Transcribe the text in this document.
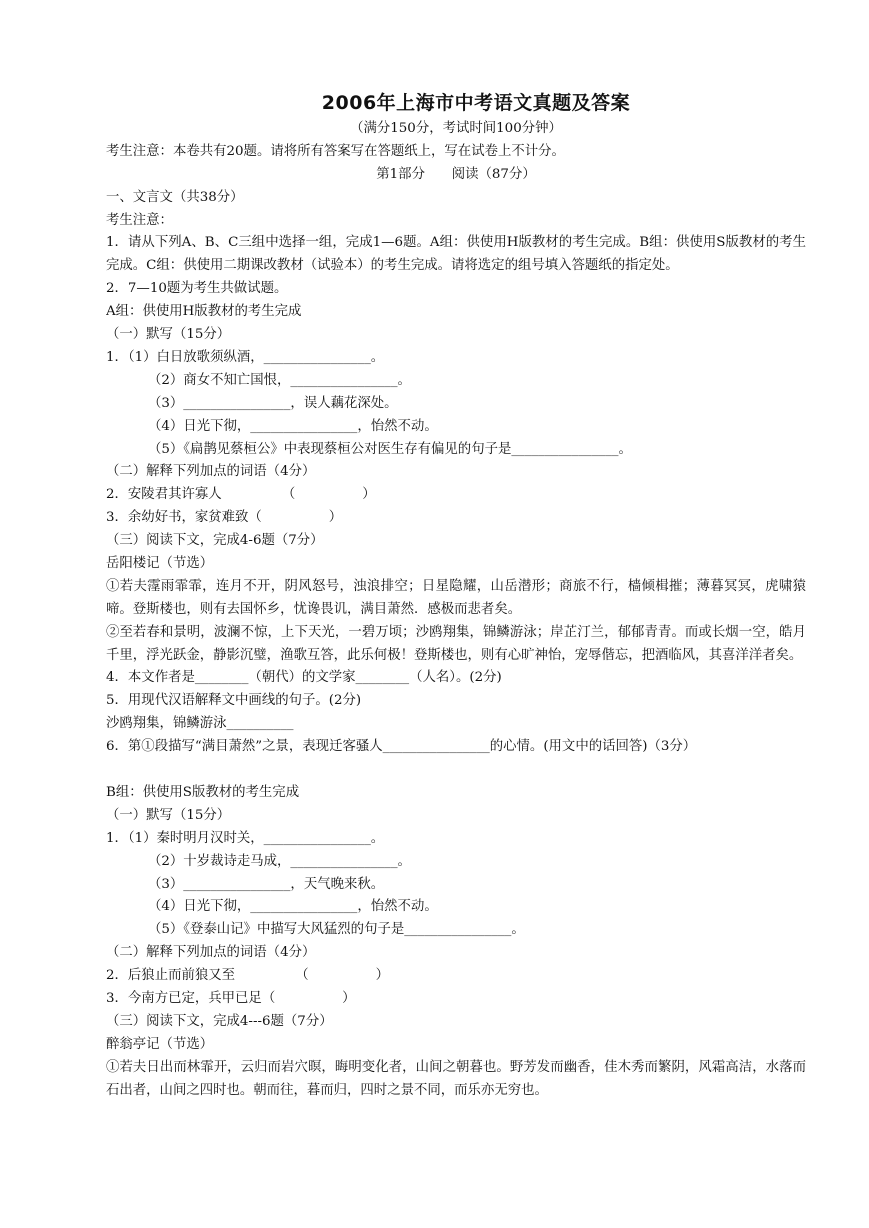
2006年上海市中考语文真题及答案
（满分150分，考试时间100分钟）
考生注意：本卷共有20题。请将所有答案写在答题纸上，写在试卷上不计分。
第1部分　　阅读（87分）
一、文言文（共38分）
考生注意：
1．请从下列A、B、C三组中选择一组，完成1—6题。A组：供使用H版教材的考生完成。B组：供使用S版教材的考生完成。C组：供使用二期课改教材（试验本）的考生完成。请将选定的组号填入答题纸的指定处。
2．7—10题为考生共做试题。
A组：供使用H版教材的考生完成
（一）默写（15分）
1．（1）白日放歌须纵酒，________________。
（2）商女不知亡国恨，________________。
（3）________________，误人藕花深处。
（4）日光下彻，________________，怡然不动。
（5）《扁鹊见蔡桓公》中表现蔡桓公对医生存有偏见的句子是________________。
（二）解释下列加点的词语（4分）
2．安陵君其许寡人　　　　　（　　　　　）
3．余幼好书，家贫难致（　　　　　）
（三）阅读下文，完成4-6题（7分）
岳阳楼记（节选）
①若夫霪雨霏霏，连月不开，阴风怒号，浊浪排空；日星隐耀，山岳潜形；商旅不行，樯倾楫摧；薄暮冥冥，虎啸猿啼。登斯楼也，则有去国怀乡，忧谗畏讥，满目萧然．感极而悲者矣。
②至若春和景明，波澜不惊，上下天光，一碧万顷；沙鸥翔集，锦鳞游泳；岸芷汀兰，郁郁青青。而或长烟一空，皓月千里，浮光跃金，静影沉璧，渔歌互答，此乐何极！登斯楼也，则有心旷神怡，宠辱偕忘，把酒临风，其喜洋洋者矣。
4．本文作者是________（朝代）的文学家________（人名）。(2分)
5．用现代汉语解释文中画线的句子。(2分)
沙鸥翔集，锦鳞游泳__________
6．第①段描写“满目萧然”之景，表现迁客骚人________________的心情。(用文中的话回答)（3分）
B组：供使用S版教材的考生完成
（一）默写（15分）
1．（1）秦时明月汉时关，________________。
（2）十岁裁诗走马成，________________。
（3）________________，天气晚来秋。
（4）日光下彻，________________，怡然不动。
（5）《登泰山记》中描写大风猛烈的句子是________________。
（二）解释下列加点的词语（4分）
2．后狼止而前狼又至　　　　　（　　　　　）
3．今南方已定，兵甲已足（　　　　　）
（三）阅读下文，完成4---6题（7分）
醉翁亭记（节选）
①若夫日出而林霏开，云归而岩穴暝，晦明变化者，山间之朝暮也。野芳发而幽香，佳木秀而繁阴，风霜高洁，水落而石出者，山间之四时也。朝而往，暮而归，四时之景不同，而乐亦无穷也。
